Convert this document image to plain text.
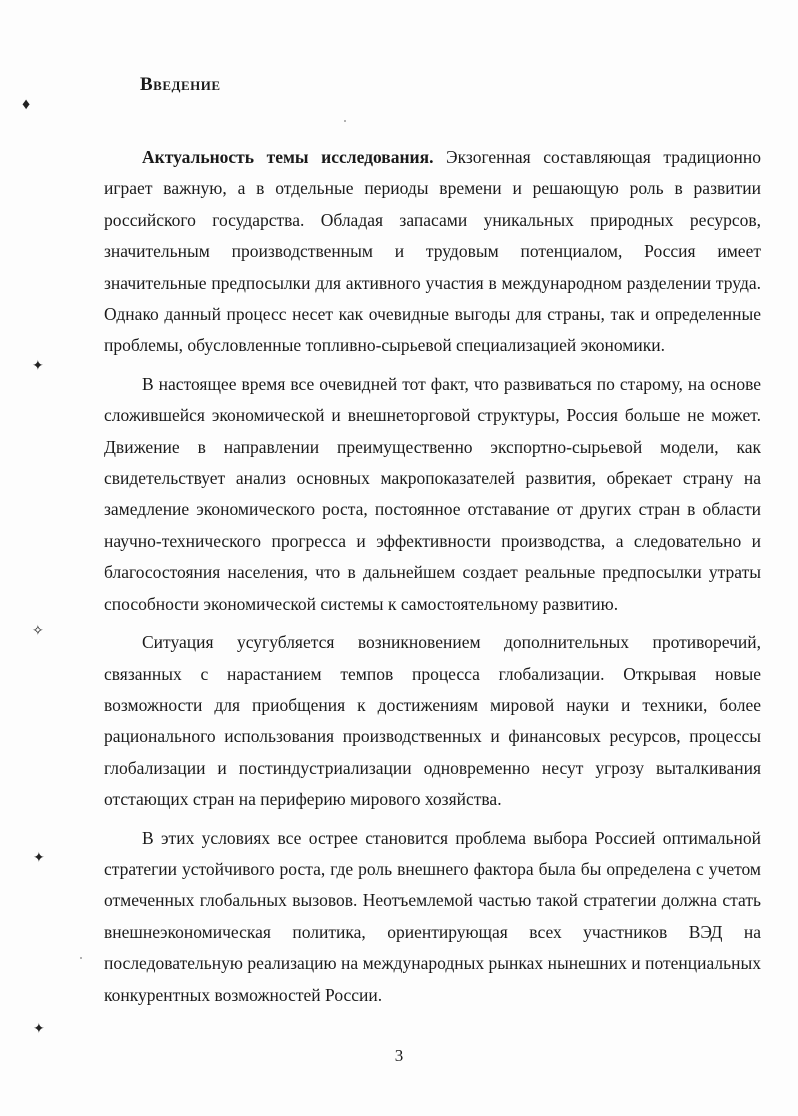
♦
✦
✧
✦
✦
Введение

Актуальность темы исследования. Экзогенная составляющая традиционно играет важную, а в отдельные периоды времени и решающую роль в развитии российского государства. Обладая запасами уникальных природных ресурсов, значительным производственным и трудовым потенциалом, Россия имеет значительные предпосылки для активного участия в международном разделении труда. Однако данный процесс несет как очевидные выгоды для страны, так и определенные проблемы, обусловленные топливно-сырьевой специализацией экономики.

В настоящее время все очевидней тот факт, что развиваться по старому, на основе сложившейся экономической и внешнеторговой структуры, Россия больше не может. Движение в направлении преимущественно экспортно-сырьевой модели, как свидетельствует анализ основных макропоказателей развития, обрекает страну на замедление экономического роста, постоянное отставание от других стран в области научно-технического прогресса и эффективности производства, а следовательно и благосостояния населения, что в дальнейшем создает реальные предпосылки утраты способности экономической системы к самостоятельному развитию.

Ситуация усугубляется возникновением дополнительных противоречий, связанных с нарастанием темпов процесса глобализации. Открывая новые возможности для приобщения к достижениям мировой науки и техники, более рационального использования производственных и финансовых ресурсов, процессы глобализации и постиндустриализации одновременно несут угрозу выталкивания отстающих стран на периферию мирового хозяйства.

В этих условиях все острее становится проблема выбора Россией оптимальной стратегии устойчивого роста, где роль внешнего фактора была бы определена с учетом отмеченных глобальных вызовов. Неотъемлемой частью такой стратегии должна стать внешнеэкономическая политика, ориентирующая всех участников ВЭД на последовательную реализацию на международных рынках нынешних и потенциальных конкурентных возможностей России.

3
